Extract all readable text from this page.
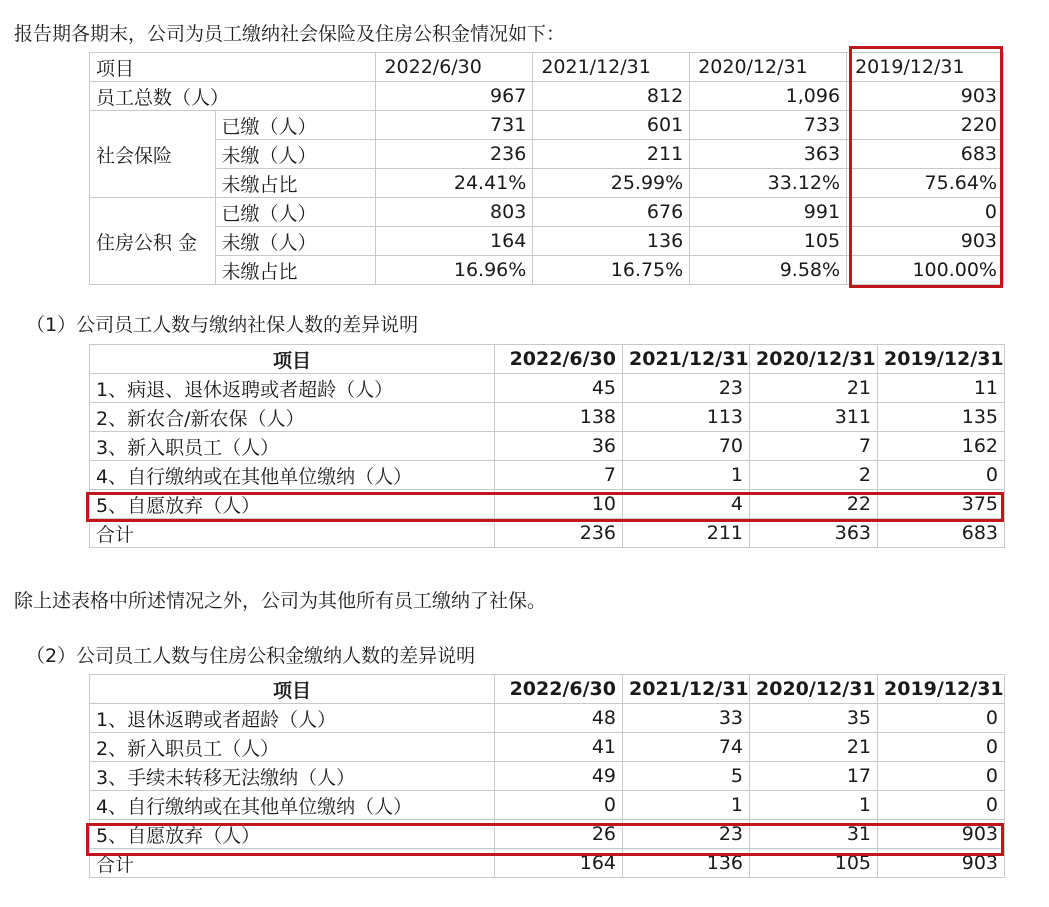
报告期各期末，公司为员工缴纳社会保险及住房公积金情况如下：
项目		2022/6/30	2021/12/31	2020/12/31	2019/12/31
员工总数（人）		967	812	1,096	903
社会保险	已缴（人）	731	601	733	220
	未缴（人）	236	211	363	683
	未缴占比	24.41%	25.99%	33.12%	75.64%
住房公积 金	已缴（人）	803	676	991	0
	未缴（人）	164	136	105	903
	未缴占比	16.96%	16.75%	9.58%	100.00%
（1）公司员工人数与缴纳社保人数的差异说明
项目	2022/6/30	2021/12/31	2020/12/31	2019/12/31
1、病退、退休返聘或者超龄（人）	45	23	21	11
2、新农合/新农保（人）	138	113	311	135
3、新入职员工（人）	36	70	7	162
4、自行缴纳或在其他单位缴纳（人）	7	1	2	0
5、自愿放弃（人）	10	4	22	375
合计	236	211	363	683
除上述表格中所述情况之外，公司为其他所有员工缴纳了社保。
（2）公司员工人数与住房公积金缴纳人数的差异说明
项目	2022/6/30	2021/12/31	2020/12/31	2019/12/31
1、退休返聘或者超龄（人）	48	33	35	0
2、新入职员工（人）	41	74	21	0
3、手续未转移无法缴纳（人）	49	5	17	0
4、自行缴纳或在其他单位缴纳（人）	0	1	1	0
5、自愿放弃（人）	26	23	31	903
合计	164	136	105	903
